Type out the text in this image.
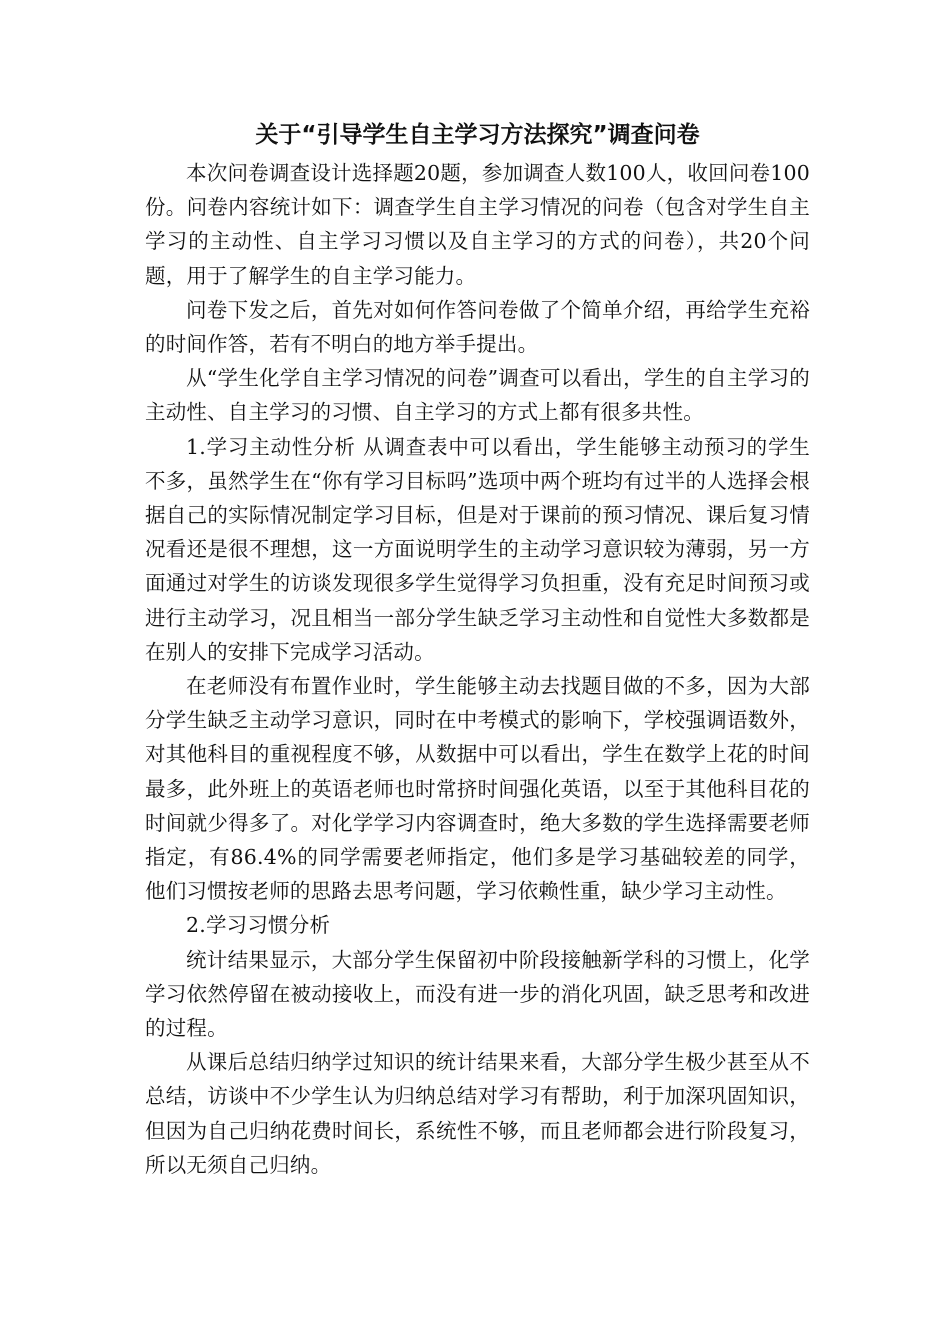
关于“引导学生自主学习方法探究”调查问卷

本次问卷调查设计选择题20题，参加调查人数100人，收回问卷100份。问卷内容统计如下：调查学生自主学习情况的问卷（包含对学生自主学习的主动性、自主学习习惯以及自主学习的方式的问卷），共20个问题，用于了解学生的自主学习能力。

问卷下发之后，首先对如何作答问卷做了个简单介绍，再给学生充裕的时间作答，若有不明白的地方举手提出。

从“学生化学自主学习情况的问卷”调查可以看出，学生的自主学习的主动性、自主学习的习惯、自主学习的方式上都有很多共性。

1.学习主动性分析 从调查表中可以看出，学生能够主动预习的学生不多，虽然学生在“你有学习目标吗”选项中两个班均有过半的人选择会根据自己的实际情况制定学习目标，但是对于课前的预习情况、课后复习情况看还是很不理想，这一方面说明学生的主动学习意识较为薄弱，另一方面通过对学生的访谈发现很多学生觉得学习负担重，没有充足时间预习或进行主动学习，况且相当一部分学生缺乏学习主动性和自觉性大多数都是在别人的安排下完成学习活动。

在老师没有布置作业时，学生能够主动去找题目做的不多，因为大部分学生缺乏主动学习意识，同时在中考模式的影响下，学校强调语数外，对其他科目的重视程度不够，从数据中可以看出，学生在数学上花的时间最多，此外班上的英语老师也时常挤时间强化英语，以至于其他科目花的时间就少得多了。对化学学习内容调查时，绝大多数的学生选择需要老师指定，有86.4%的同学需要老师指定，他们多是学习基础较差的同学，他们习惯按老师的思路去思考问题，学习依赖性重，缺少学习主动性。

2.学习习惯分析

统计结果显示，大部分学生保留初中阶段接触新学科的习惯上，化学学习依然停留在被动接收上，而没有进一步的消化巩固，缺乏思考和改进的过程。

从课后总结归纳学过知识的统计结果来看，大部分学生极少甚至从不总结，访谈中不少学生认为归纳总结对学习有帮助，利于加深巩固知识，但因为自己归纳花费时间长，系统性不够，而且老师都会进行阶段复习，所以无须自己归纳。
